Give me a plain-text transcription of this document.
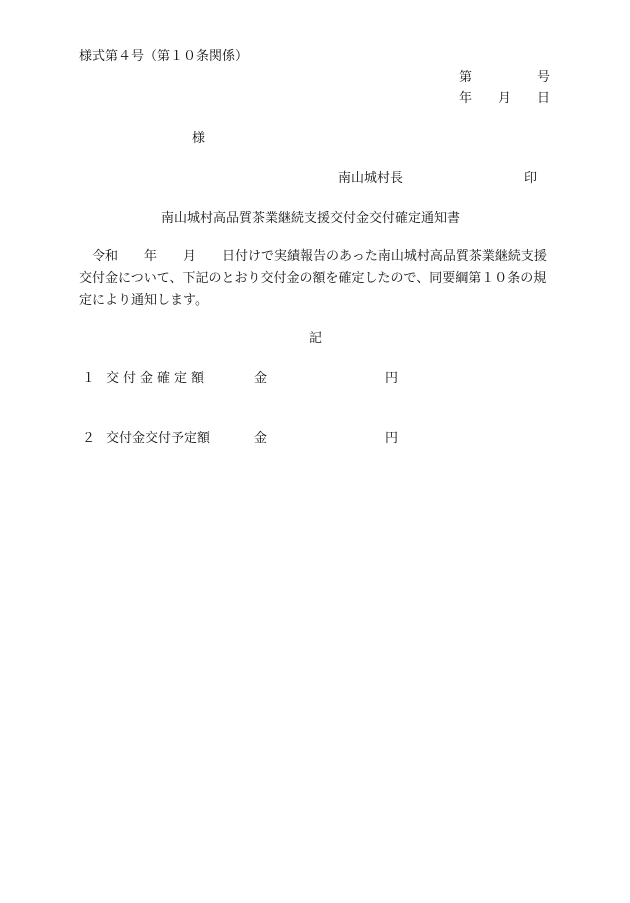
様式第４号（第１０条関係）
第	号
年 月 日
様
南山城村長	印
南山城村高品質茶業継続支援交付金交付確定通知書
令和　　年　　月　　日付けで実績報告のあった南山城村高品質茶業継続支援交付金について、下記のとおり交付金の額を確定したので、同要綱第１０条の規定により通知します。
記
１ 交付金確定額	金	円
２ 交付金交付予定額	金	円
